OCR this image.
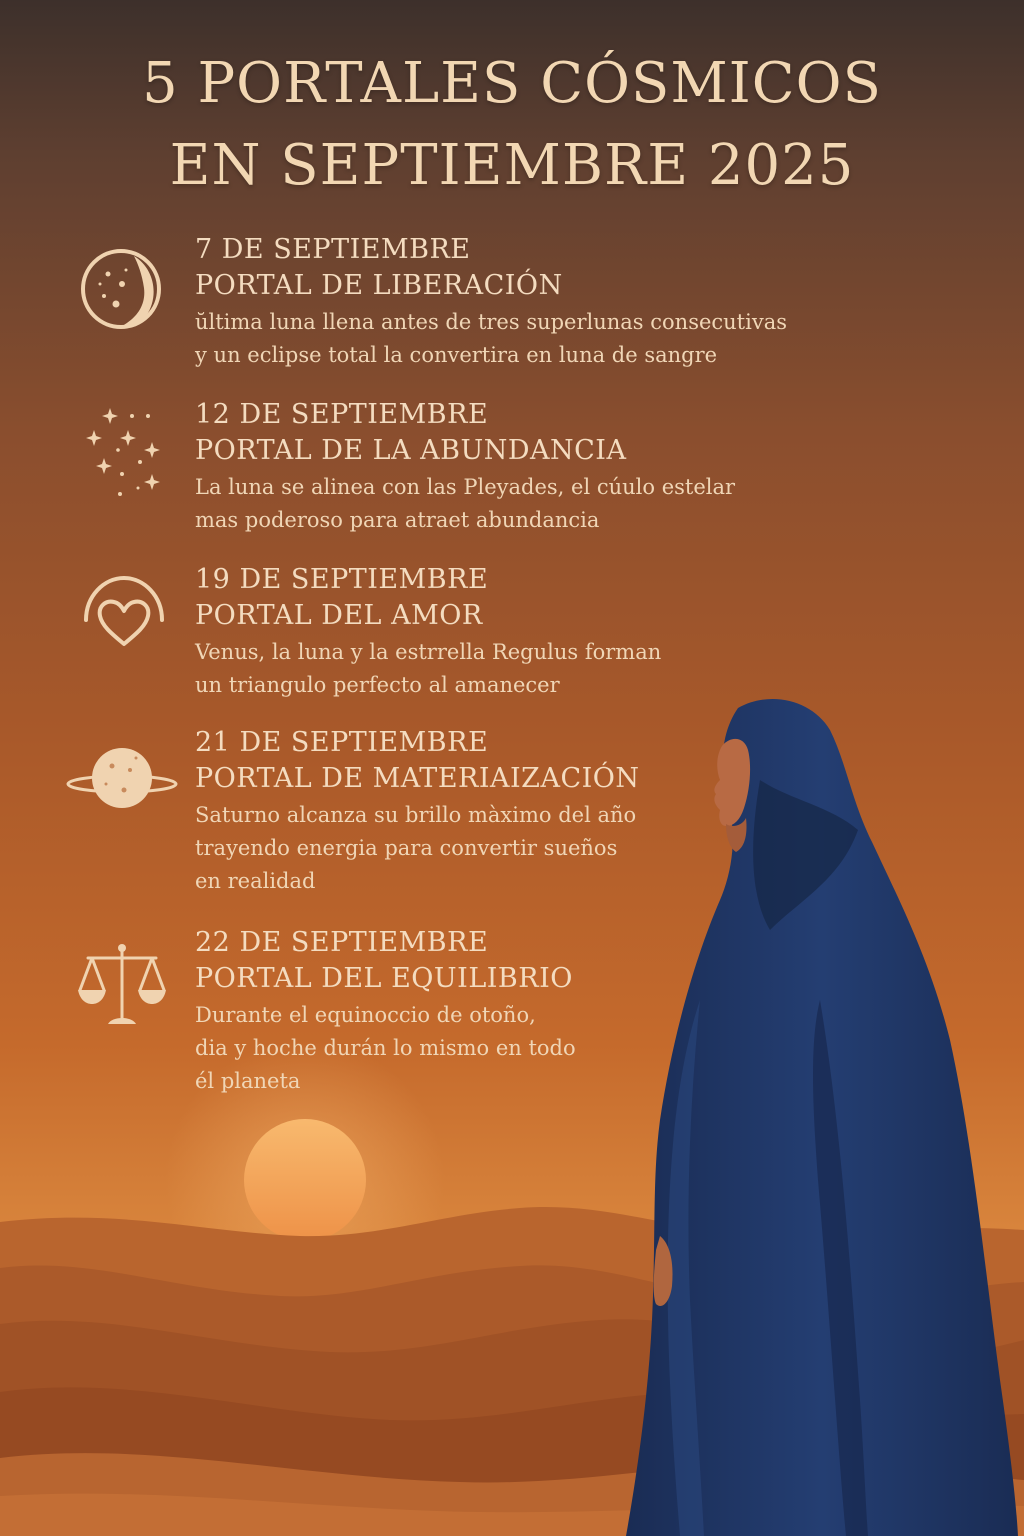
5 PORTALES CÓSMICOS
EN SEPTIEMBRE 2025
7 DE SEPTIEMBRE
PORTAL DE LIBERACIÓN
ŭltima luna llena antes de tres superlunas consecutivas
y un eclipse total la convertira en luna de sangre
12 DE SEPTIEMBRE
PORTAL DE LA ABUNDANCIA
La luna se alinea con las Pleyades, el cúulo estelar
mas poderoso para atraet abundancia
19 DE SEPTIEMBRE
PORTAL DEL AMOR
Venus, la luna y la estrrella Regulus forman
un triangulo perfecto al amanecer
21 DE SEPTIEMBRE
PORTAL DE MATERIAIZACIÓN
Saturno alcanza su brillo màximo del año
trayendo energia para convertir sueños
en realidad
22 DE SEPTIEMBRE
PORTAL DEL EQUILIBRIO
Durante el equinoccio de otoño,
dia y hoche durán lo mismo en todo
él planeta
